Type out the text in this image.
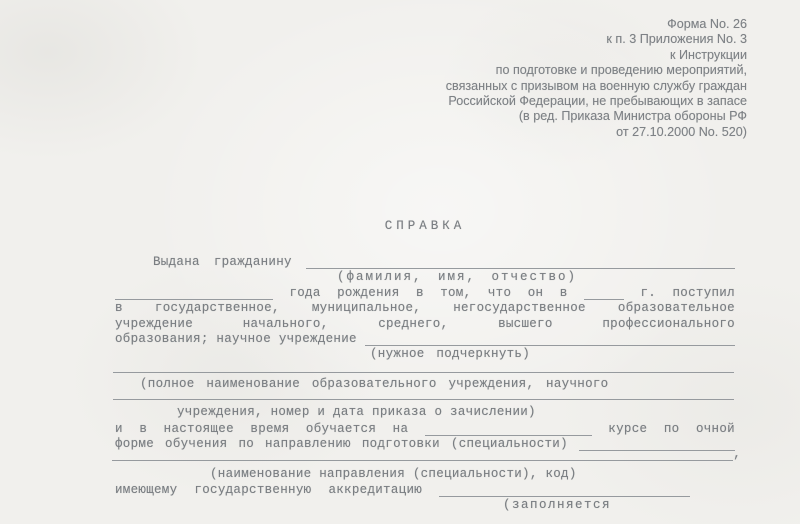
Форма No. 26
к п. 3 Приложения No. 3
к Инструкции
по подготовке и проведению мероприятий,
связанных с призывом на военную службу граждан
Российской Федерации, не пребывающих в запасе
(в ред. Приказа Министра обороны РФ
от 27.10.2000 No. 520)
СПРАВКА
Выдана гражданину
(фамилия, имя, отчество)
года рождения в том, что он в	г. поступил
в	государственное,	муниципальное,	негосударственное	образовательное
учреждение	начального,	среднего,	высшего	профессионального
образования; научное учреждение
(нужное подчеркнуть)
(полное наименование образовательного учреждения, научного
учреждения, номер и дата приказа о зачислении)
и в настоящее время обучается на	курсе по очной
форме обучения по направлению подготовки (специальности)
,
(наименование направления (специальности), код)
имеющему государственную аккредитацию
(заполняется
